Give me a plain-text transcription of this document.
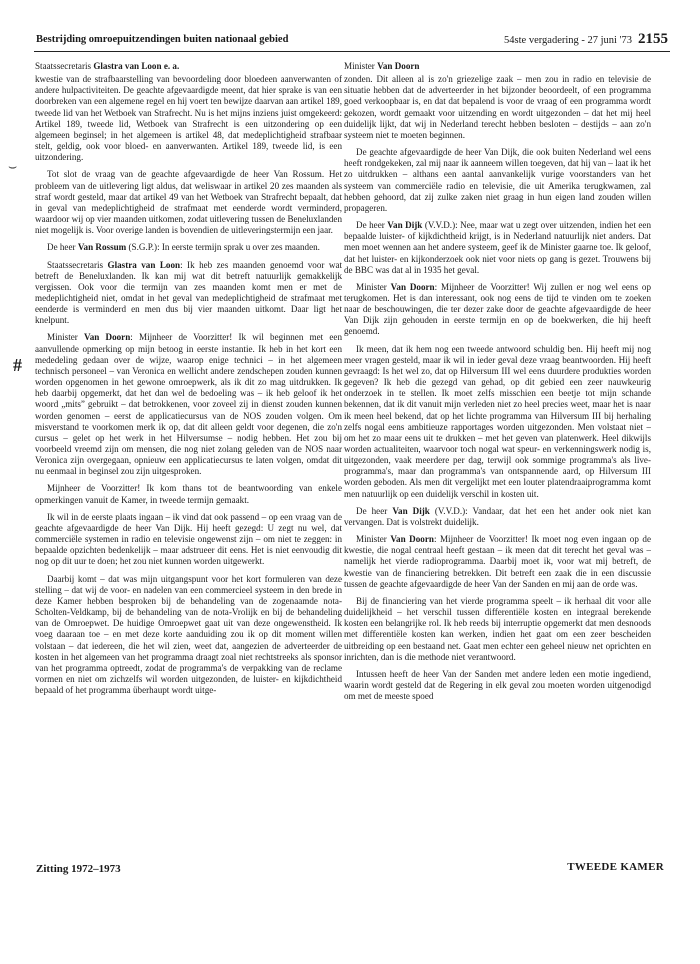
Bestrijding omroepuitzendingen buiten nationaal gebied	54ste vergadering - 27 juni '73 2155
⌣
#

Staatssecretaris Glastra van Loon e. a.

kwestie van de strafbaarstelling van bevoordeling door bloedeen aanverwanten of andere hulpactiviteiten. De geachte afgevaardigde meent, dat hier sprake is van een doorbreken van een algemene regel en hij voert ten bewijze daarvan aan artikel 189, tweede lid van het Wetboek van Strafrecht. Nu is het mijns inziens juist omgekeerd: Artikel 189, tweede lid, Wetboek van Strafrecht is een uitzondering op een algemeen beginsel; in het algemeen is artikel 48, dat medeplichtigheid strafbaar stelt, geldig, ook voor bloed- en aanverwanten. Artikel 189, tweede lid, is een uitzondering.

Tot slot de vraag van de geachte afgevaardigde de heer Van Rossum. Het probleem van de uitlevering ligt aldus, dat weliswaar in artikel 20 zes maanden als straf wordt gesteld, maar dat artikel 49 van het Wetboek van Strafrecht bepaalt, dat in geval van medeplichtigheid de strafmaat met eenderde wordt verminderd, waardoor wij op vier maanden uitkomen, zodat uitlevering tussen de Beneluxlanden niet mogelijk is. Voor overige landen is bovendien de uitleveringstermijn een jaar.

De heer Van Rossum (S.G.P.): In eerste termijn sprak u over zes maanden.

Staatssecretaris Glastra van Loon: Ik heb zes maanden genoemd voor wat betreft de Beneluxlanden. Ik kan mij wat dit betreft natuurlijk gemakkelijk vergissen. Ook voor die termijn van zes maanden komt men er met de medeplichtigheid niet, omdat in het geval van medeplichtigheid de strafmaat met eenderde is verminderd en men dus bij vier maanden uitkomt. Daar ligt het knelpunt.

Minister Van Doorn: Mijnheer de Voorzitter! Ik wil beginnen met een aanvullende opmerking op mijn betoog in eerste instantie. Ik heb in het kort een mededeling gedaan over de wijze, waarop enige technici – in het algemeen technisch personeel – van Veronica en wellicht andere zendschepen zouden kunnen worden opgenomen in het gewone omroepwerk, als ik dit zo mag uitdrukken. Ik heb daarbij opgemerkt, dat het dan wel de bedoeling was – ik heb geloof ik het woord „mits” gebruikt – dat betrokkenen, voor zoveel zij in dienst zouden kunnen worden genomen – eerst de applicatiecursus van de NOS zouden volgen. Om misverstand te voorkomen merk ik op, dat dit alleen geldt voor degenen, die zo'n cursus – gelet op het werk in het Hilversumse – nodig hebben. Het zou bij voorbeeld vreemd zijn om mensen, die nog niet zolang geleden van de NOS naar Veronica zijn overgegaan, opnieuw een applicatiecursus te laten volgen, omdat dit nu eenmaal in beginsel zou zijn uitgesproken.

Mijnheer de Voorzitter! Ik kom thans tot de beantwoording van enkele opmerkingen vanuit de Kamer, in tweede termijn gemaakt.

Ik wil in de eerste plaats ingaan – ik vind dat ook passend – op een vraag van de geachte afgevaardigde de heer Van Dijk. Hij heeft gezegd: U zegt nu wel, dat commerciële systemen in radio en televisie ongewenst zijn – om niet te zeggen: in bepaalde opzichten bedenkelijk – maar adstrueer dit eens. Het is niet eenvoudig dit nog op dit uur te doen; het zou niet kunnen worden uitgewerkt.

Daarbij komt – dat was mijn uitgangspunt voor het kort formuleren van deze stelling – dat wij de voor- en nadelen van een commercieel systeem in den brede in deze Kamer hebben besproken bij de behandeling van de zogenaamde nota-Scholten-Veldkamp, bij de behandeling van de nota-Vrolijk en bij de behandeling van de Omroepwet. De huidige Omroepwet gaat uit van deze ongewenstheid. Ik voeg daaraan toe – en met deze korte aanduiding zou ik op dit moment willen volstaan – dat iedereen, die het wil zien, weet dat, aangezien de adverteerder de kosten in het algemeen van het programma draagt zoal niet rechtstreeks als sponsor van het programma optreedt, zodat de programma's de verpakking van de reclame vormen en niet om zichzelfs wil worden uitgezonden, de luister- en kijkdichtheid bepaald of het programma überhaupt wordt uitge-

Minister Van Doorn

zonden. Dit alleen al is zo'n griezelige zaak – men zou in radio en televisie de situatie hebben dat de adverteerder in het bijzonder beoordeelt, of een programma goed verkoopbaar is, en dat dat bepalend is voor de vraag of een programma wordt gekozen, wordt gemaakt voor uitzending en wordt uitgezonden – dat het mij heel duidelijk lijkt, dat wij in Nederland terecht hebben besloten – destijds – aan zo'n systeem niet te moeten beginnen.

De geachte afgevaardigde de heer Van Dijk, die ook buiten Nederland wel eens heeft rondgekeken, zal mij naar ik aanneem willen toegeven, dat hij van – laat ik het zo uitdrukken – althans een aantal aanvankelijk vurige voorstanders van het systeem van commerciële radio en televisie, die uit Amerika terugkwamen, zal hebben gehoord, dat zij zulke zaken niet graag in hun eigen land zouden willen propageren.

De heer Van Dijk (V.V.D.): Nee, maar wat u zegt over uitzenden, indien het een bepaalde luister- of kijkdichtheid krijgt, is in Nederland natuurlijk niet anders. Dat men moet wennen aan het andere systeem, geef ik de Minister gaarne toe. Ik geloof, dat het luister- en kijkonderzoek ook niet voor niets op gang is gezet. Trouwens bij de BBC was dat al in 1935 het geval.

Minister Van Doorn: Mijnheer de Voorzitter! Wij zullen er nog wel eens op terugkomen. Het is dan interessant, ook nog eens de tijd te vinden om te zoeken naar de beschouwingen, die ter dezer zake door de geachte afgevaardigde de heer Van Dijk zijn gehouden in eerste termijn en op de boekwerken, die hij heeft genoemd.

Ik meen, dat ik hem nog een tweede antwoord schuldig ben. Hij heeft mij nog meer vragen gesteld, maar ik wil in ieder geval deze vraag beantwoorden. Hij heeft gevraagd: Is het wel zo, dat op Hilversum III wel eens duurdere produkties worden gegeven? Ik heb die gezegd van gehad, op dit gebied een zeer nauwkeurig onderzoek in te stellen. Ik moet zelfs misschien een beetje tot mijn schande bekennen, dat ik dit vanuit mijn verleden niet zo heel precies weet, maar het is naar ik meen heel bekend, dat op het lichte programma van Hilversum III bij herhaling zelfs nogal eens ambitieuze rapportages worden uitgezonden. Men volstaat niet – om het zo maar eens uit te drukken – met het geven van platenwerk. Heel dikwijls worden actualiteiten, waarvoor toch nogal wat speur- en verkenningswerk nodig is, uitgezonden, vaak meerdere per dag, terwijl ook sommige programma's als live-programma's, maar dan programma's van ontspannende aard, op Hilversum III worden geboden. Als men dit vergelijkt met een louter platendraaiprogramma komt men natuurlijk op een duidelijk verschil in kosten uit.

De heer Van Dijk (V.V.D.): Vandaar, dat het een het ander ook niet kan vervangen. Dat is volstrekt duidelijk.

Minister Van Doorn: Mijnheer de Voorzitter! Ik moet nog even ingaan op de kwestie, die nogal centraal heeft gestaan – ik meen dat dit terecht het geval was – namelijk het vierde radioprogramma. Daarbij moet ik, voor wat mij betreft, de kwestie van de financiering betrekken. Dit betreft een zaak die in een discussie tussen de geachte afgevaardigde de heer Van der Sanden en mij aan de orde was.

Bij de financiering van het vierde programma speelt – ik herhaal dit voor alle duidelijkheid – het verschil tussen differentiële kosten en integraal berekende kosten een belangrijke rol. Ik heb reeds bij interruptie opgemerkt dat men desnoods met differentiële kosten kan werken, indien het gaat om een zeer bescheiden uitbreiding op een bestaand net. Gaat men echter een geheel nieuw net oprichten en inrichten, dan is die methode niet verantwoord.

Intussen heeft de heer Van der Sanden met andere leden een motie ingediend, waarin wordt gesteld dat de Regering in elk geval zou moeten worden uitgenodigd om met de meeste spoed

Zitting 1972–1973	TWEEDE KAMER
